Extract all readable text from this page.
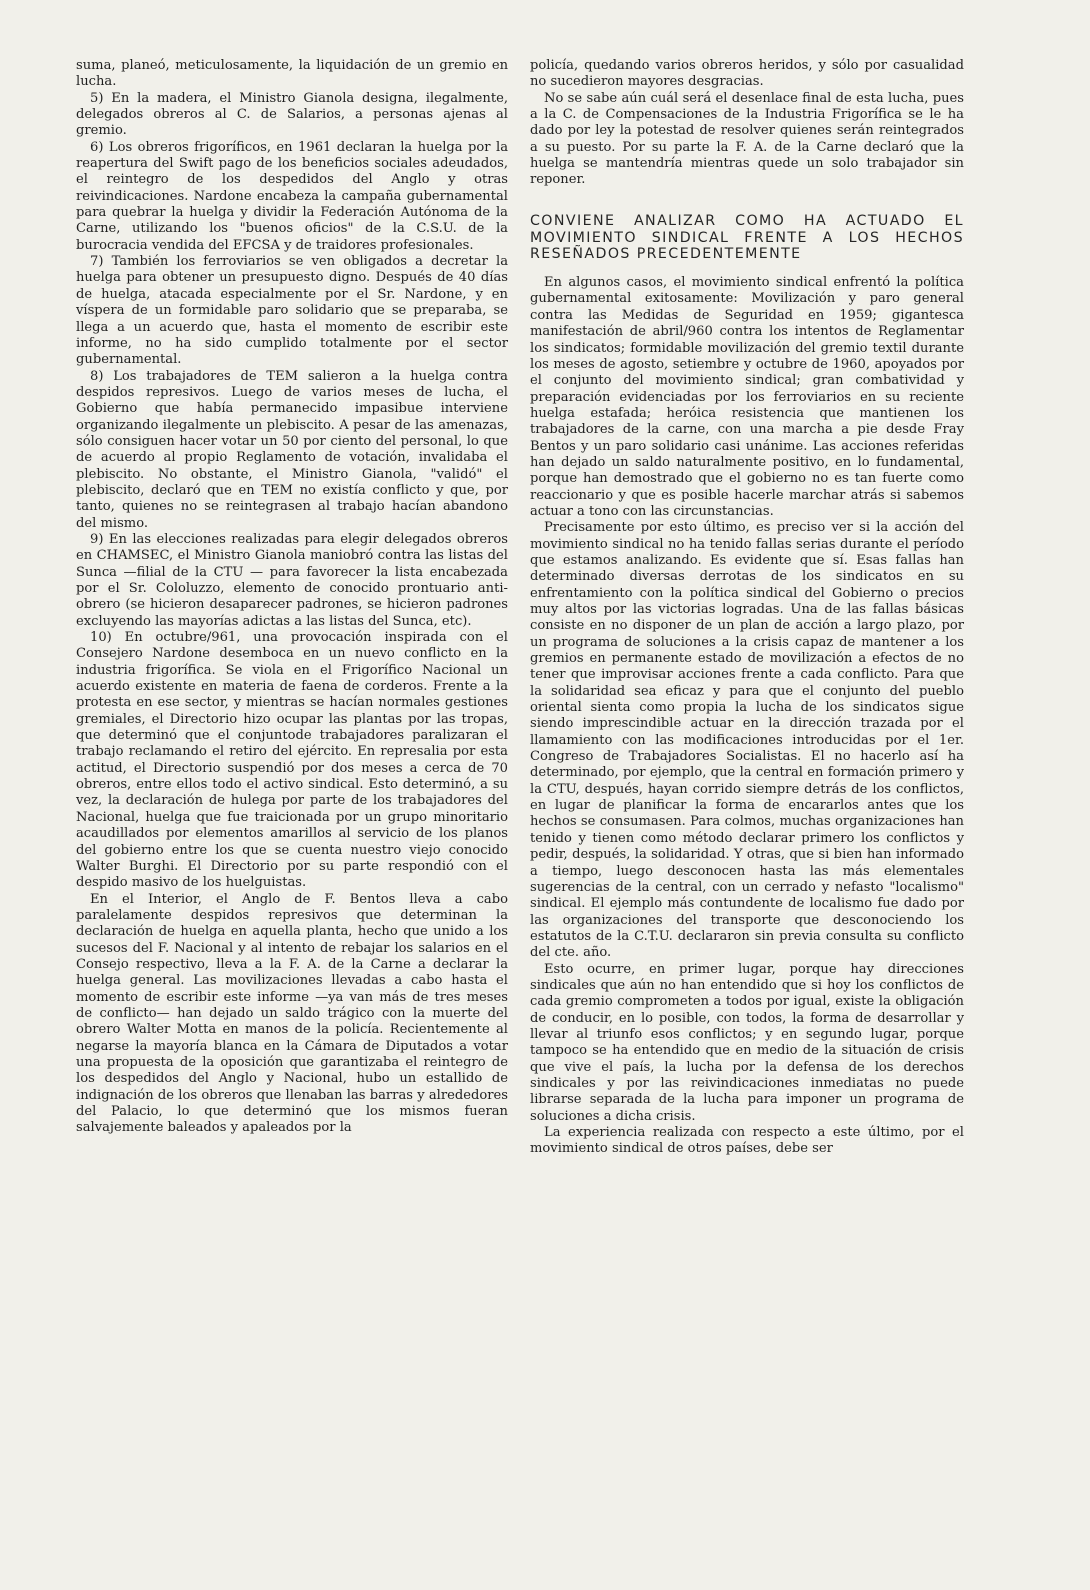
suma, planeó, meticulosamente, la liquidación de un gremio en lucha.

5) En la madera, el Ministro Gianola designa, ilegalmente, delegados obreros al C. de Salarios, a personas ajenas al gremio.

6) Los obreros frigoríficos, en 1961 declaran la huelga por la reapertura del Swift pago de los beneficios sociales adeudados, el reintegro de los despedidos del Anglo y otras reivindicaciones. Nardone encabeza la campaña gubernamental para quebrar la huelga y dividir la Federación Autónoma de la Carne, utilizando los "buenos oficios" de la C.S.U. de la burocracia vendida del EFCSA y de traidores profesionales.

7) También los ferroviarios se ven obligados a decretar la huelga para obtener un presupuesto digno. Después de 40 días de huelga, atacada especialmente por el Sr. Nardone, y en víspera de un formidable paro solidario que se preparaba, se llega a un acuerdo que, hasta el momento de escribir este informe, no ha sido cumplido totalmente por el sector gubernamental.

8) Los trabajadores de TEM salieron a la huelga contra despidos represivos. Luego de varios meses de lucha, el Gobierno que había permanecido impasibue interviene organizando ilegalmente un plebiscito. A pesar de las amenazas, sólo consiguen hacer votar un 50 por ciento del personal, lo que de acuerdo al propio Reglamento de votación, invalidaba el plebiscito. No obstante, el Ministro Gianola, "validó" el plebiscito, declaró que en TEM no existía conflicto y que, por tanto, quienes no se reintegrasen al trabajo hacían abandono del mismo.

9) En las elecciones realizadas para elegir delegados obreros en CHAMSEC, el Ministro Gianola maniobró contra las listas del Sunca —filial de la CTU — para favorecer la lista encabezada por el Sr. Cololuzzo, elemento de conocido prontuario anti-obrero (se hicieron desaparecer padrones, se hicieron padrones excluyendo las mayorías adictas a las listas del Sunca, etc).

10) En octubre/961, una provocación inspirada con el Consejero Nardone desemboca en un nuevo conflicto en la industria frigorífica. Se viola en el Frigorífico Nacional un acuerdo existente en materia de faena de corderos. Frente a la protesta en ese sector, y mientras se hacían normales gestiones gremiales, el Directorio hizo ocupar las plantas por las tropas, que determinó que el conjuntode trabajadores paralizaran el trabajo reclamando el retiro del ejército. En represalia por esta actitud, el Directorio suspendió por dos meses a cerca de 70 obreros, entre ellos todo el activo sindical. Esto determinó, a su vez, la declaración de hulega por parte de los trabajadores del Nacional, huelga que fue traicionada por un grupo minoritario acaudillados por elementos amarillos al servicio de los planos del gobierno entre los que se cuenta nuestro viejo conocido Walter Burghi. El Directorio por su parte respondió con el despido masivo de los huelguistas.

En el Interior, el Anglo de F. Bentos lleva a cabo paralelamente despidos represivos que determinan la declaración de huelga en aquella planta, hecho que unido a los sucesos del F. Nacional y al intento de rebajar los salarios en el Consejo respectivo, lleva a la F. A. de la Carne a declarar la huelga general. Las movilizaciones llevadas a cabo hasta el momento de escribir este informe —ya van más de tres meses de conflicto— han dejado un saldo trágico con la muerte del obrero Walter Motta en manos de la policía. Recientemente al negarse la mayoría blanca en la Cámara de Diputados a votar una propuesta de la oposición que garantizaba el reintegro de los despedidos del Anglo y Nacional, hubo un estallido de indignación de los obreros que llenaban las barras y alrededores del Palacio, lo que determinó que los mismos fueran salvajemente baleados y apaleados por la

policía, quedando varios obreros heridos, y sólo por casualidad no sucedieron mayores desgracias.

No se sabe aún cuál será el desenlace final de esta lucha, pues a la C. de Compensaciones de la Industria Frigorífica se le ha dado por ley la potestad de resolver quienes serán reintegrados a su puesto. Por su parte la F. A. de la Carne declaró que la huelga se mantendría mientras quede un solo trabajador sin reponer.

CONVIENE ANALIZAR COMO HA ACTUADO EL MOVIMIENTO SINDICAL FRENTE A LOS HECHOS RESEÑADOS PRECEDENTEMENTE

En algunos casos, el movimiento sindical enfrentó la política gubernamental exitosamente: Movilización y paro general contra las Medidas de Seguridad en 1959; gigantesca manifestación de abril/960 contra los intentos de Reglamentar los sindicatos; formidable movilización del gremio textil durante los meses de agosto, setiembre y octubre de 1960, apoyados por el conjunto del movimiento sindical; gran combatividad y preparación evidenciadas por los ferroviarios en su reciente huelga estafada; heróica resistencia que mantienen los trabajadores de la carne, con una marcha a pie desde Fray Bentos y un paro solidario casi unánime. Las acciones referidas han dejado un saldo naturalmente positivo, en lo fundamental, porque han demostrado que el gobierno no es tan fuerte como reaccionario y que es posible hacerle marchar atrás si sabemos actuar a tono con las circunstancias.

Precisamente por esto último, es preciso ver si la acción del movimiento sindical no ha tenido fallas serias durante el período que estamos analizando. Es evidente que sí. Esas fallas han determinado diversas derrotas de los sindicatos en su enfrentamiento con la política sindical del Gobierno o precios muy altos por las victorias logradas. Una de las fallas básicas consiste en no disponer de un plan de acción a largo plazo, por un programa de soluciones a la crisis capaz de mantener a los gremios en permanente estado de movilización a efectos de no tener que improvisar acciones frente a cada conflicto. Para que la solidaridad sea eficaz y para que el conjunto del pueblo oriental sienta como propia la lucha de los sindicatos sigue siendo imprescindible actuar en la dirección trazada por el llamamiento con las modificaciones introducidas por el 1er. Congreso de Trabajadores Socialistas. El no hacerlo así ha determinado, por ejemplo, que la central en formación primero y la CTU, después, hayan corrido siempre detrás de los conflictos, en lugar de planificar la forma de encararlos antes que los hechos se consumasen. Para colmos, muchas organizaciones han tenido y tienen como método declarar primero los conflictos y pedir, después, la solidaridad. Y otras, que si bien han informado a tiempo, luego desconocen hasta las más elementales sugerencias de la central, con un cerrado y nefasto "localismo" sindical. El ejemplo más contundente de localismo fue dado por las organizaciones del transporte que desconociendo los estatutos de la C.T.U. declararon sin previa consulta su conflicto del cte. año.

Esto ocurre, en primer lugar, porque hay direcciones sindicales que aún no han entendido que si hoy los conflictos de cada gremio comprometen a todos por igual, existe la obligación de conducir, en lo posible, con todos, la forma de desarrollar y llevar al triunfo esos conflictos; y en segundo lugar, porque tampoco se ha entendido que en medio de la situación de crisis que vive el país, la lucha por la defensa de los derechos sindicales y por las reivindicaciones inmediatas no puede librarse separada de la lucha para imponer un programa de soluciones a dicha crisis.

La experiencia realizada con respecto a este último, por el movimiento sindical de otros países, debe ser
